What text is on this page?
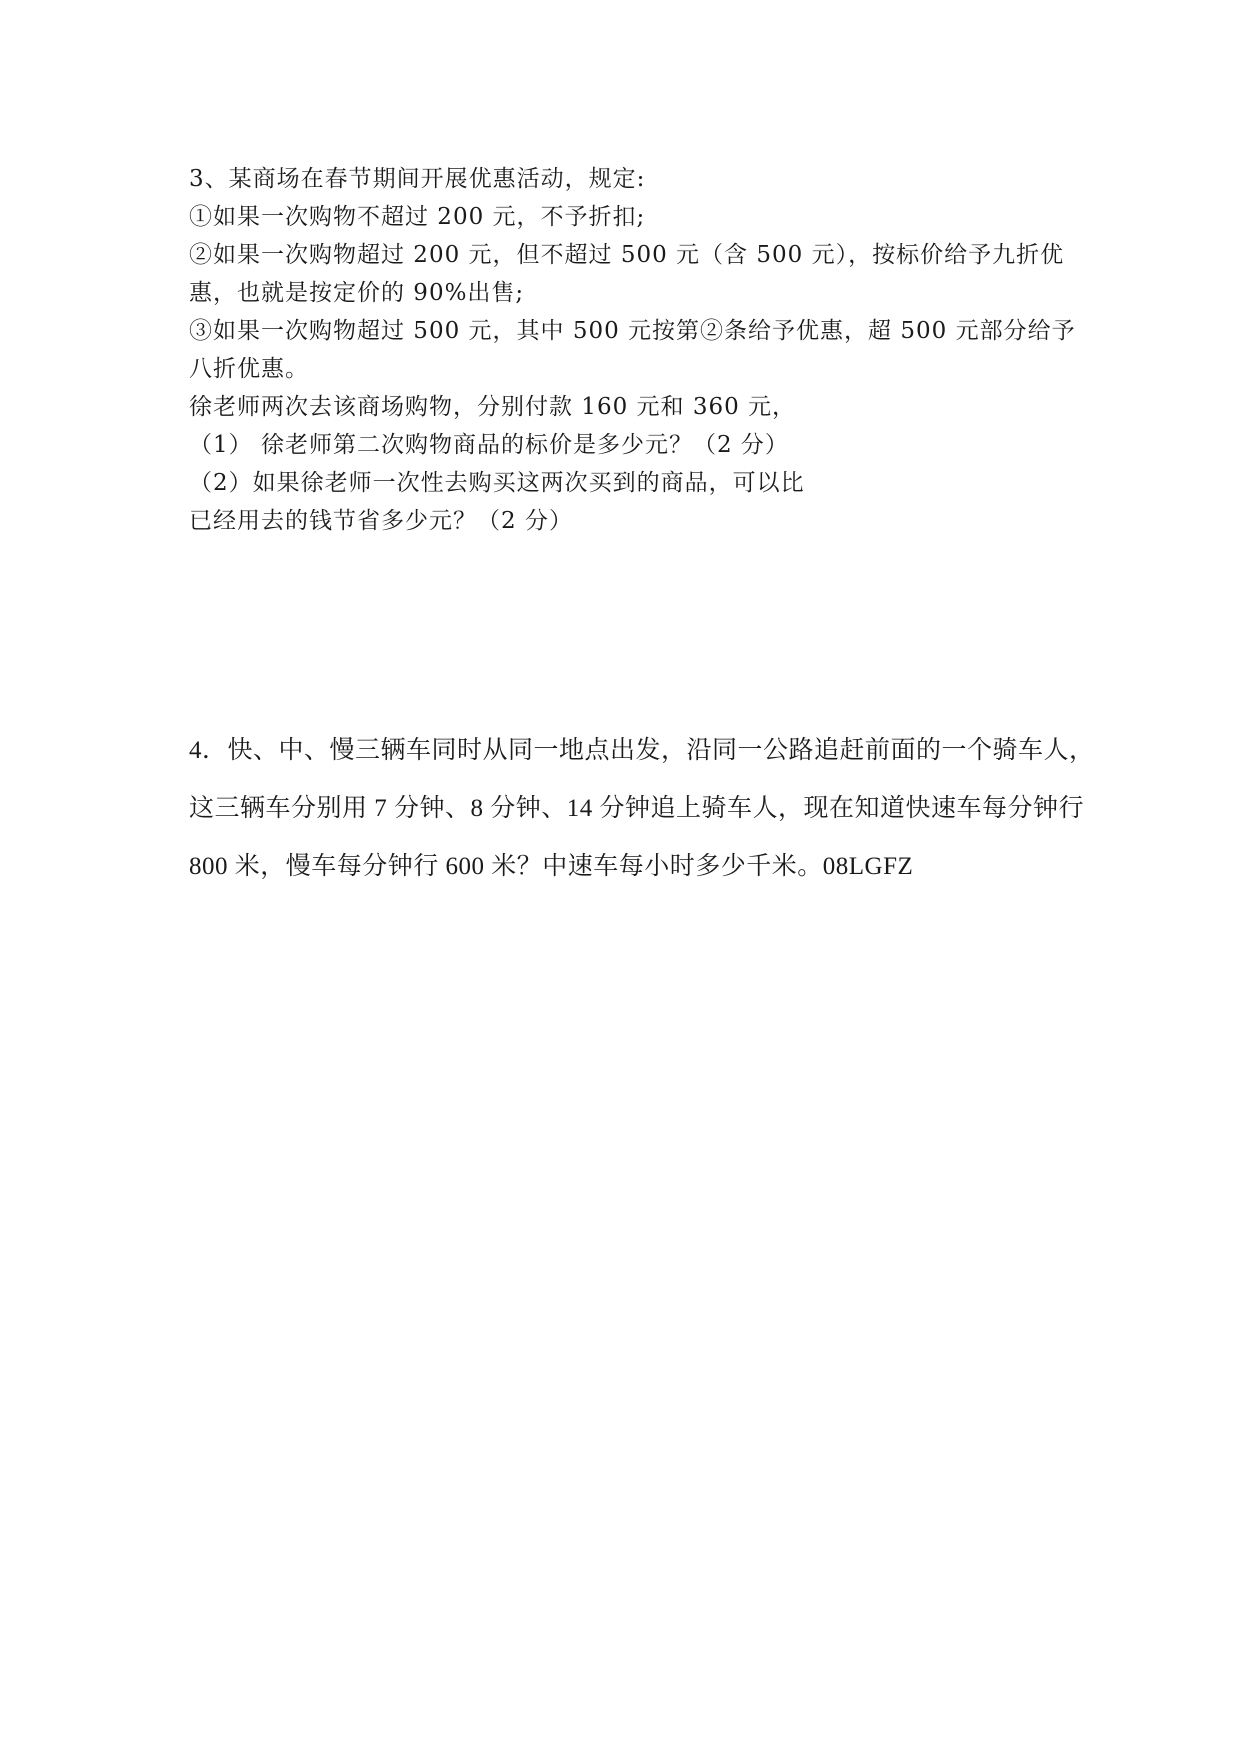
3、某商场在春节期间开展优惠活动，规定:
①如果一次购物不超过 200 元，不予折扣;
②如果一次购物超过 200 元，但不超过 500 元（含 500 元），按标价给予九折优
惠，也就是按定价的 90%出售;
③如果一次购物超过 500 元，其中 500 元按第②条给予优惠，超 500 元部分给予
八折优惠。
徐老师两次去该商场购物，分别付款 160 元和 360 元，
（1） 徐老师第二次购物商品的标价是多少元？（2 分）
（2）如果徐老师一次性去购买这两次买到的商品，可以比
已经用去的钱节省多少元？（2 分）
4．快、中、慢三辆车同时从同一地点出发，沿同一公路追赶前面的一个骑车人，
这三辆车分别用 7 分钟、8 分钟、14 分钟追上骑车人，现在知道快速车每分钟行
800 米，慢车每分钟行 600 米？中速车每小时多少千米。08LGFZ
